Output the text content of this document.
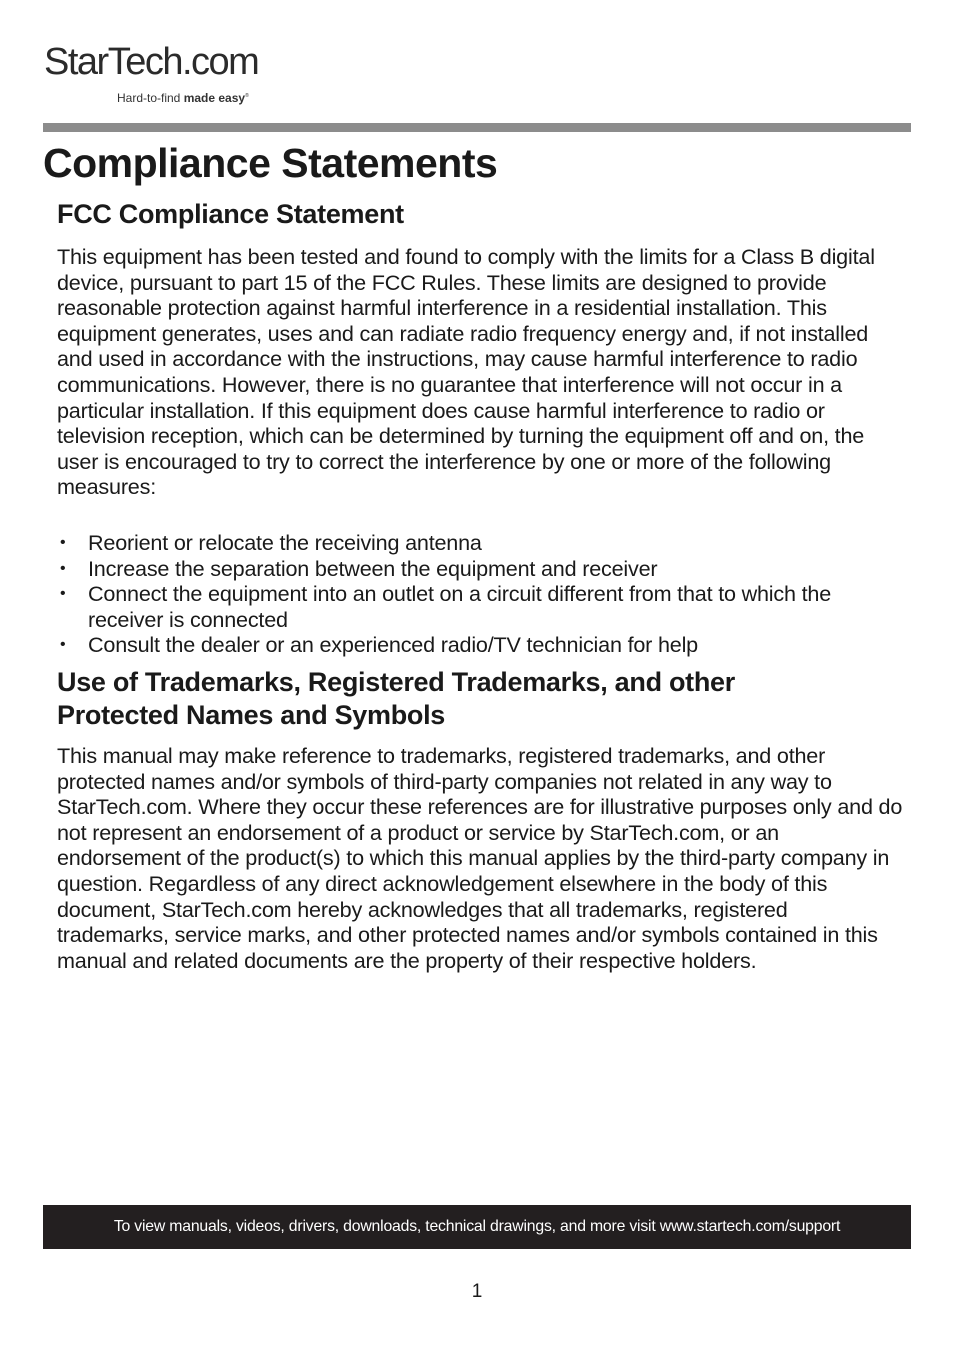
StarTech.com
Hard-to-find made easy®
Compliance Statements
FCC Compliance Statement

This equipment has been tested and found to comply with the limits for a Class B digital device, pursuant to part 15 of the FCC Rules. These limits are designed to provide reasonable protection against harmful interference in a residential installation. This equipment generates, uses and can radiate radio frequency energy and, if not installed and used in accordance with the instructions, may cause harmful interference to radio communications. However, there is no guarantee that interference will not occur in a particular installation. If this equipment does cause harmful interference to radio or television reception, which can be determined by turning the equipment off and on, the user is encouraged to try to correct the interference by one or more of the following measures:

• Reorient or relocate the receiving antenna
• Increase the separation between the equipment and receiver
• Connect the equipment into an outlet on a circuit different from that to which the receiver is connected
• Consult the dealer or an experienced radio/TV technician for help
Use of Trademarks, Registered Trademarks, and other Protected Names and Symbols

This manual may make reference to trademarks, registered trademarks, and other protected names and/or symbols of third-party companies not related in any way to StarTech.com. Where they occur these references are for illustrative purposes only and do not represent an endorsement of a product or service by StarTech.com, or an endorsement of the product(s) to which this manual applies by the third-party company in question. Regardless of any direct acknowledgement elsewhere in the body of this document, StarTech.com hereby acknowledges that all trademarks, registered trademarks, service marks, and other protected names and/or symbols contained in this manual and related documents are the property of their respective holders.

To view manuals, videos, drivers, downloads, technical drawings, and more visit www.startech.com/support
1
